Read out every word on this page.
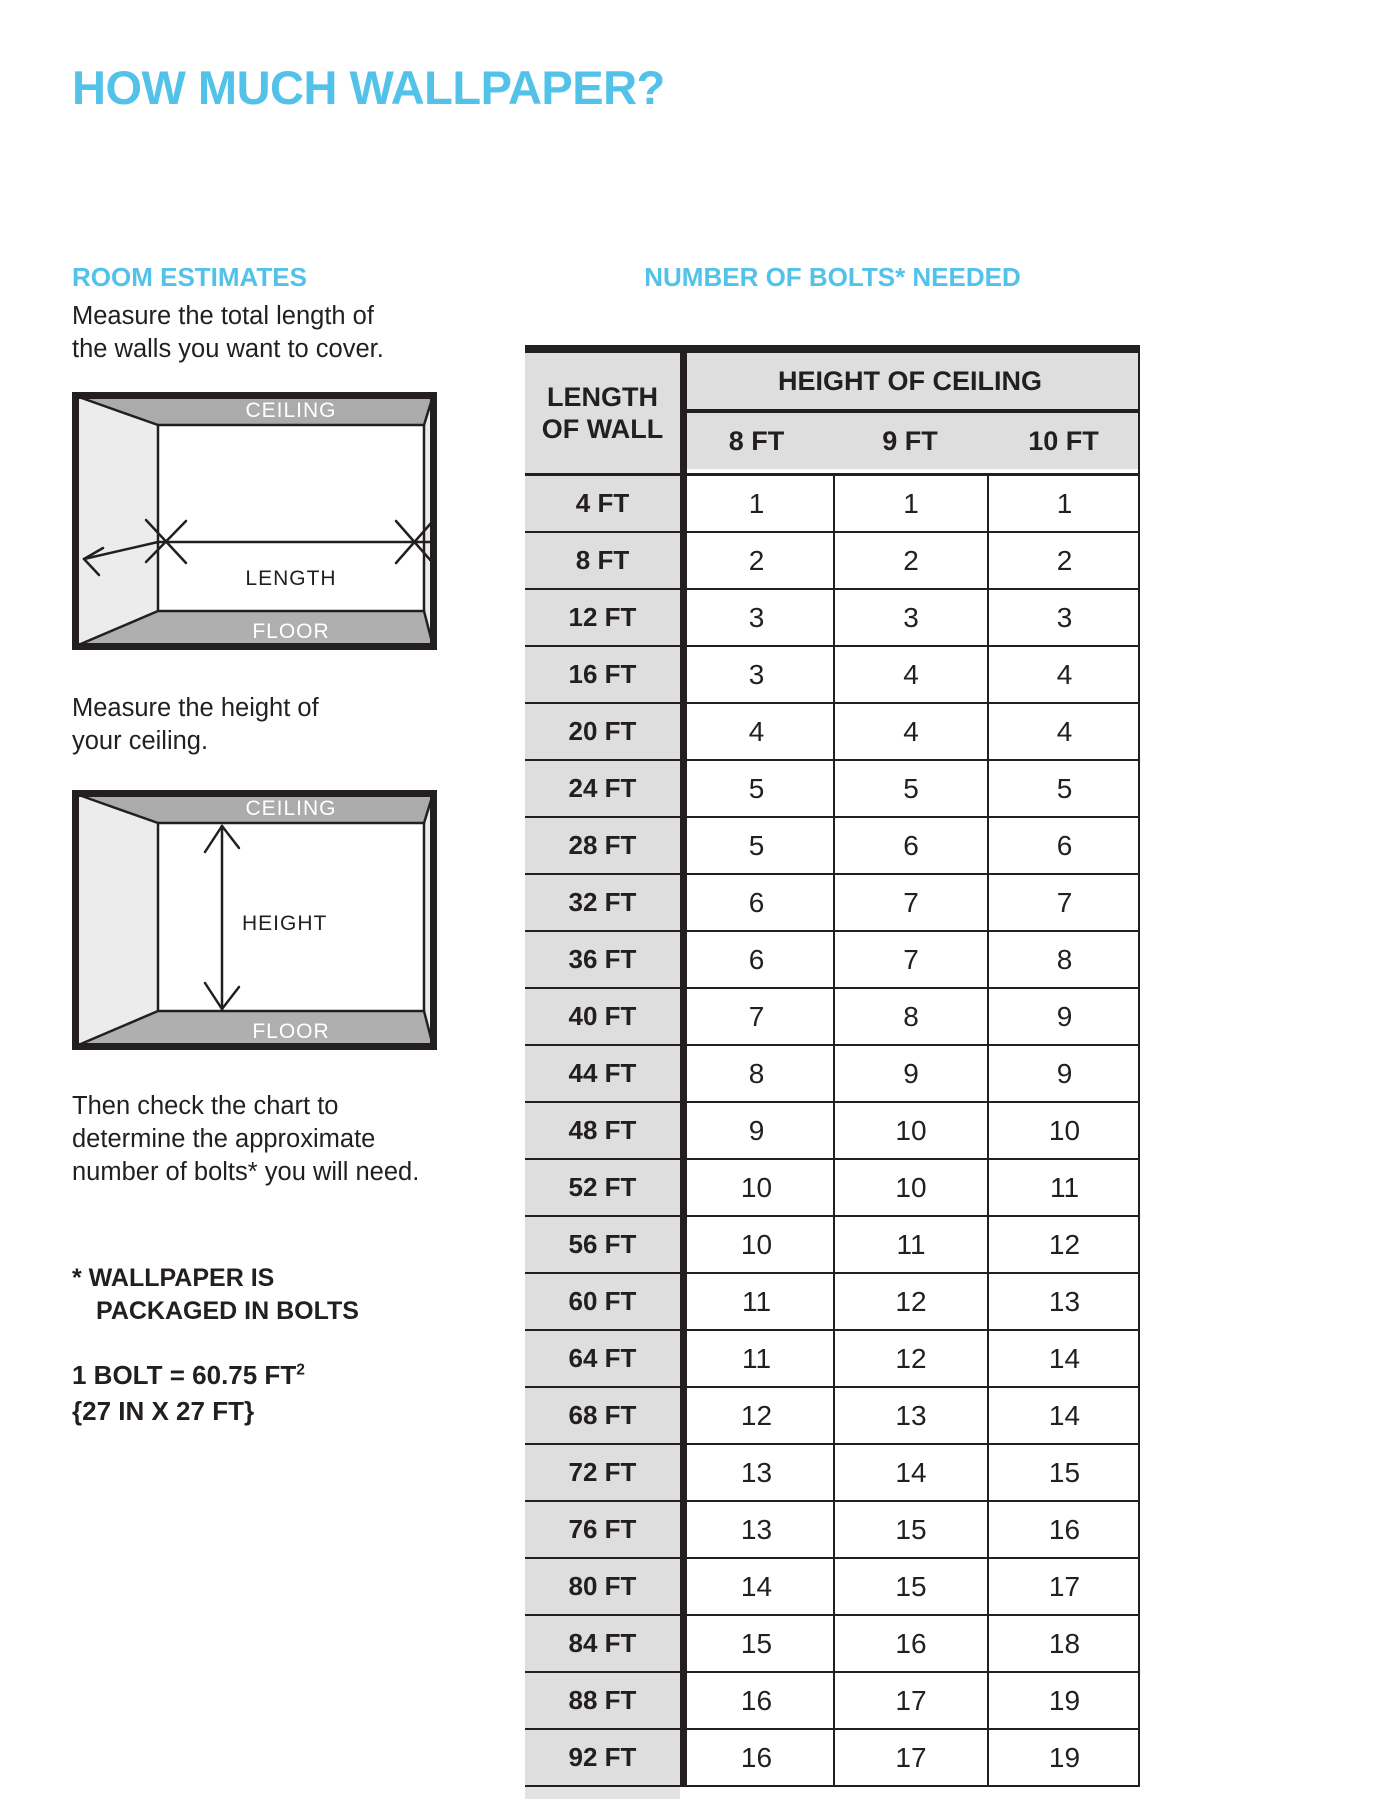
HOW MUCH WALLPAPER?
ROOM ESTIMATES

Measure the total length of
the walls you want to cover.

CEILING
FLOOR
LENGTH

Measure the height of
your ceiling.

CEILING
FLOOR
HEIGHT

Then check the chart to
determine the approximate
number of bolts* you will need.

* WALLPAPER IS
PACKAGED IN BOLTS

1 BOLT = 60.75 $FT^2$
{27 IN X 27 FT}

NUMBER OF BOLTS* NEEDED
LENGTH
OF WALL
HEIGHT OF CEILING
8 FT	9 FT	10 FT
4 FT	1	1	1
8 FT	2	2	2
12 FT	3	3	3
16 FT	3	4	4
20 FT	4	4	4
24 FT	5	5	5
28 FT	5	6	6
32 FT	6	7	7
36 FT	6	7	8
40 FT	7	8	9
44 FT	8	9	9
48 FT	9	10	10
52 FT	10	10	11
56 FT	10	11	12
60 FT	11	12	13
64 FT	11	12	14
68 FT	12	13	14
72 FT	13	14	15
76 FT	13	15	16
80 FT	14	15	17
84 FT	15	16	18
88 FT	16	17	19
92 FT	16	17	19
